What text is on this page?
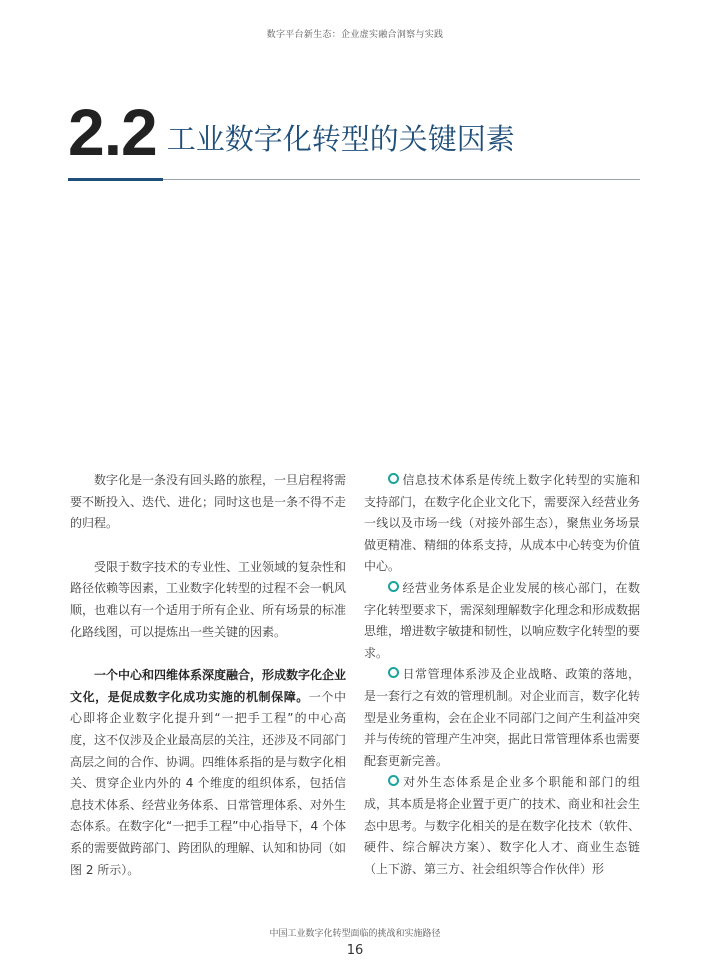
数字平台新生态：企业虚实融合洞察与实践
2.2 工业数字化转型的关键因素

数字化是一条没有回头路的旅程，一旦启程将需要不断投入、迭代、进化；同时这也是一条不得不走的归程。

受限于数字技术的专业性、工业领域的复杂性和路径依赖等因素，工业数字化转型的过程不会一帆风顺，也难以有一个适用于所有企业、所有场景的标准化路线图，可以提炼出一些关键的因素。

一个中心和四维体系深度融合，形成数字化企业文化，是促成数字化成功实施的机制保障。一个中心即将企业数字化提升到“一把手工程”的中心高度，这不仅涉及企业最高层的关注，还涉及不同部门高层之间的合作、协调。四维体系指的是与数字化相关、贯穿企业内外的 4 个维度的组织体系，包括信息技术体系、经营业务体系、日常管理体系、对外生态体系。在数字化“一把手工程”中心指导下，4 个体系的需要做跨部门、跨团队的理解、认知和协同（如图 2 所示）。

信息技术体系是传统上数字化转型的实施和支持部门，在数字化企业文化下，需要深入经营业务一线以及市场一线（对接外部生态），聚焦业务场景做更精准、精细的体系支持，从成本中心转变为价值中心。

经营业务体系是企业发展的核心部门，在数字化转型要求下，需深刻理解数字化理念和形成数据思维，增进数字敏捷和韧性，以响应数字化转型的要求。

日常管理体系涉及企业战略、政策的落地，是一套行之有效的管理机制。对企业而言，数字化转型是业务重构，会在企业不同部门之间产生利益冲突并与传统的管理产生冲突，据此日常管理体系也需要配套更新完善。

对外生态体系是企业多个职能和部门的组成，其本质是将企业置于更广的技术、商业和社会生态中思考。与数字化相关的是在数字化技术（软件、硬件、综合解决方案）、数字化人才、商业生态链（上下游、第三方、社会组织等合作伙伴）形

中国工业数字化转型面临的挑战和实施路径
16
